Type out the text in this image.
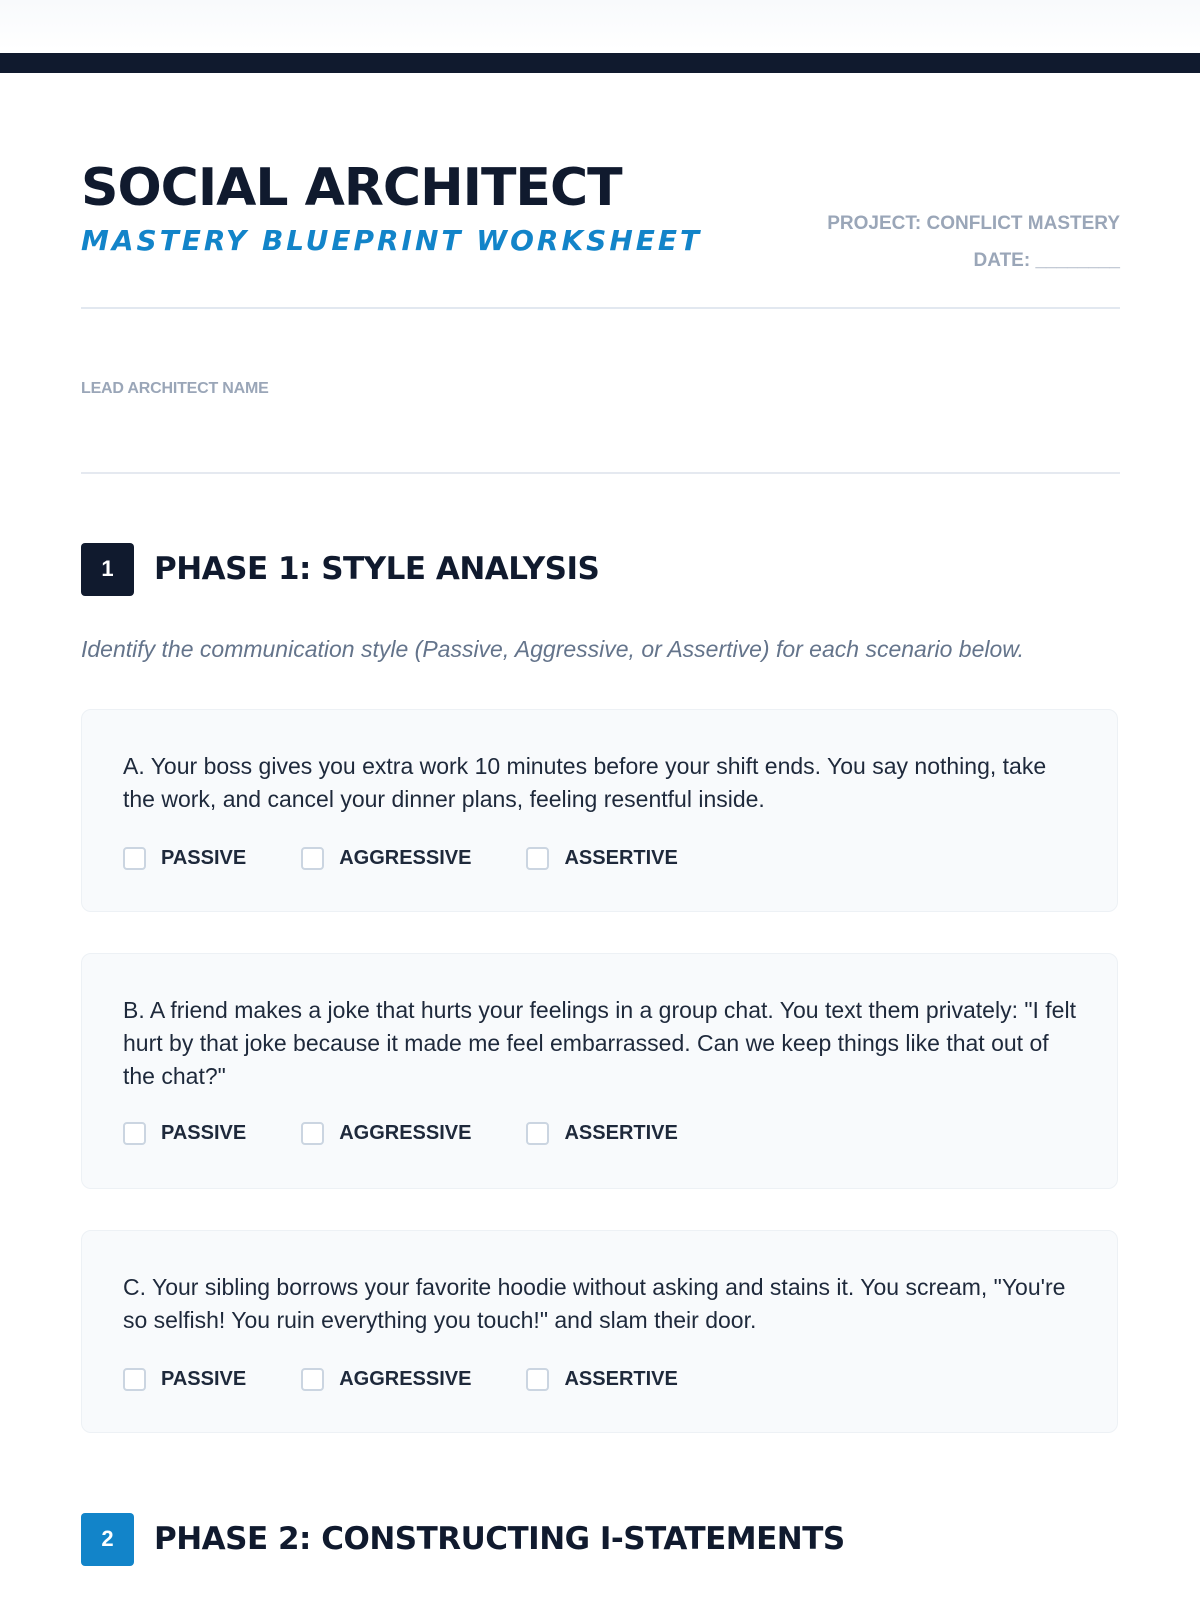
SOCIAL ARCHITECT
MASTERY BLUEPRINT WORKSHEET
PROJECT: CONFLICT MASTERY
DATE: ________
LEAD ARCHITECT NAME
1	PHASE 1: STYLE ANALYSIS
Identify the communication style (Passive, Aggressive, or Assertive) for each scenario below.
A. Your boss gives you extra work 10 minutes before your shift ends. You say nothing, take the work, and cancel your dinner plans, feeling resentful inside.
PASSIVE	AGGRESSIVE	ASSERTIVE
B. A friend makes a joke that hurts your feelings in a group chat. You text them privately: "I felt hurt by that joke because it made me feel embarrassed. Can we keep things like that out of the chat?"
PASSIVE	AGGRESSIVE	ASSERTIVE
C. Your sibling borrows your favorite hoodie without asking and stains it. You scream, "You're so selfish! You ruin everything you touch!" and slam their door.
PASSIVE	AGGRESSIVE	ASSERTIVE
2	PHASE 2: CONSTRUCTING I-STATEMENTS
